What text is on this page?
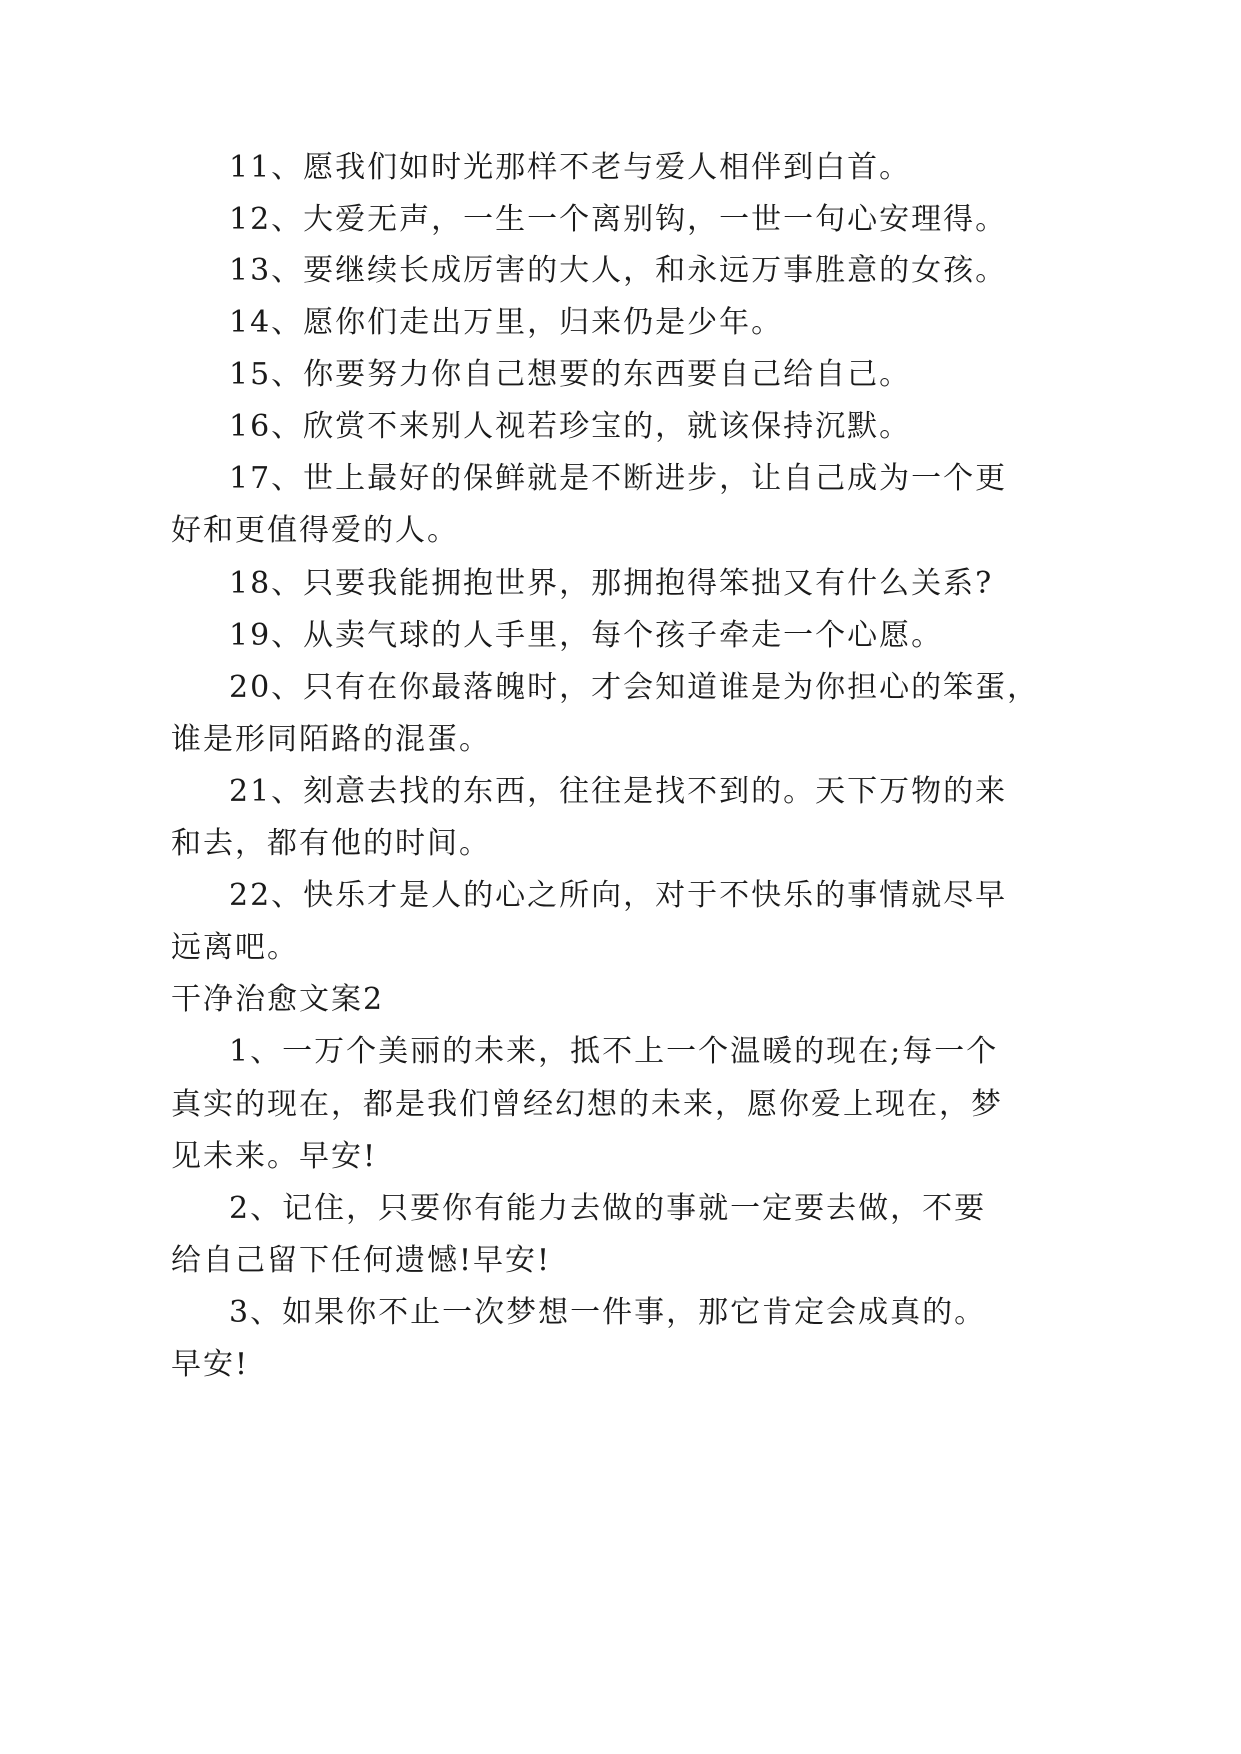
11、愿我们如时光那样不老与爱人相伴到白首。
12、大爱无声，一生一个离别钩，一世一句心安理得。
13、要继续长成厉害的大人，和永远万事胜意的女孩。
14、愿你们走出万里，归来仍是少年。
15、你要努力你自己想要的东西要自己给自己。
16、欣赏不来别人视若珍宝的，就该保持沉默。
17、世上最好的保鲜就是不断进步，让自己成为一个更
好和更值得爱的人。
18、只要我能拥抱世界，那拥抱得笨拙又有什么关系?
19、从卖气球的人手里，每个孩子牵走一个心愿。
20、只有在你最落魄时，才会知道谁是为你担心的笨蛋，
谁是形同陌路的混蛋。
21、刻意去找的东西，往往是找不到的。天下万物的来
和去，都有他的时间。
22、快乐才是人的心之所向，对于不快乐的事情就尽早
远离吧。
干净治愈文案2
1、一万个美丽的未来，抵不上一个温暖的现在;每一个
真实的现在，都是我们曾经幻想的未来，愿你爱上现在，梦
见未来。早安!
2、记住，只要你有能力去做的事就一定要去做，不要
给自己留下任何遗憾!早安!
3、如果你不止一次梦想一件事，那它肯定会成真的。
早安!
